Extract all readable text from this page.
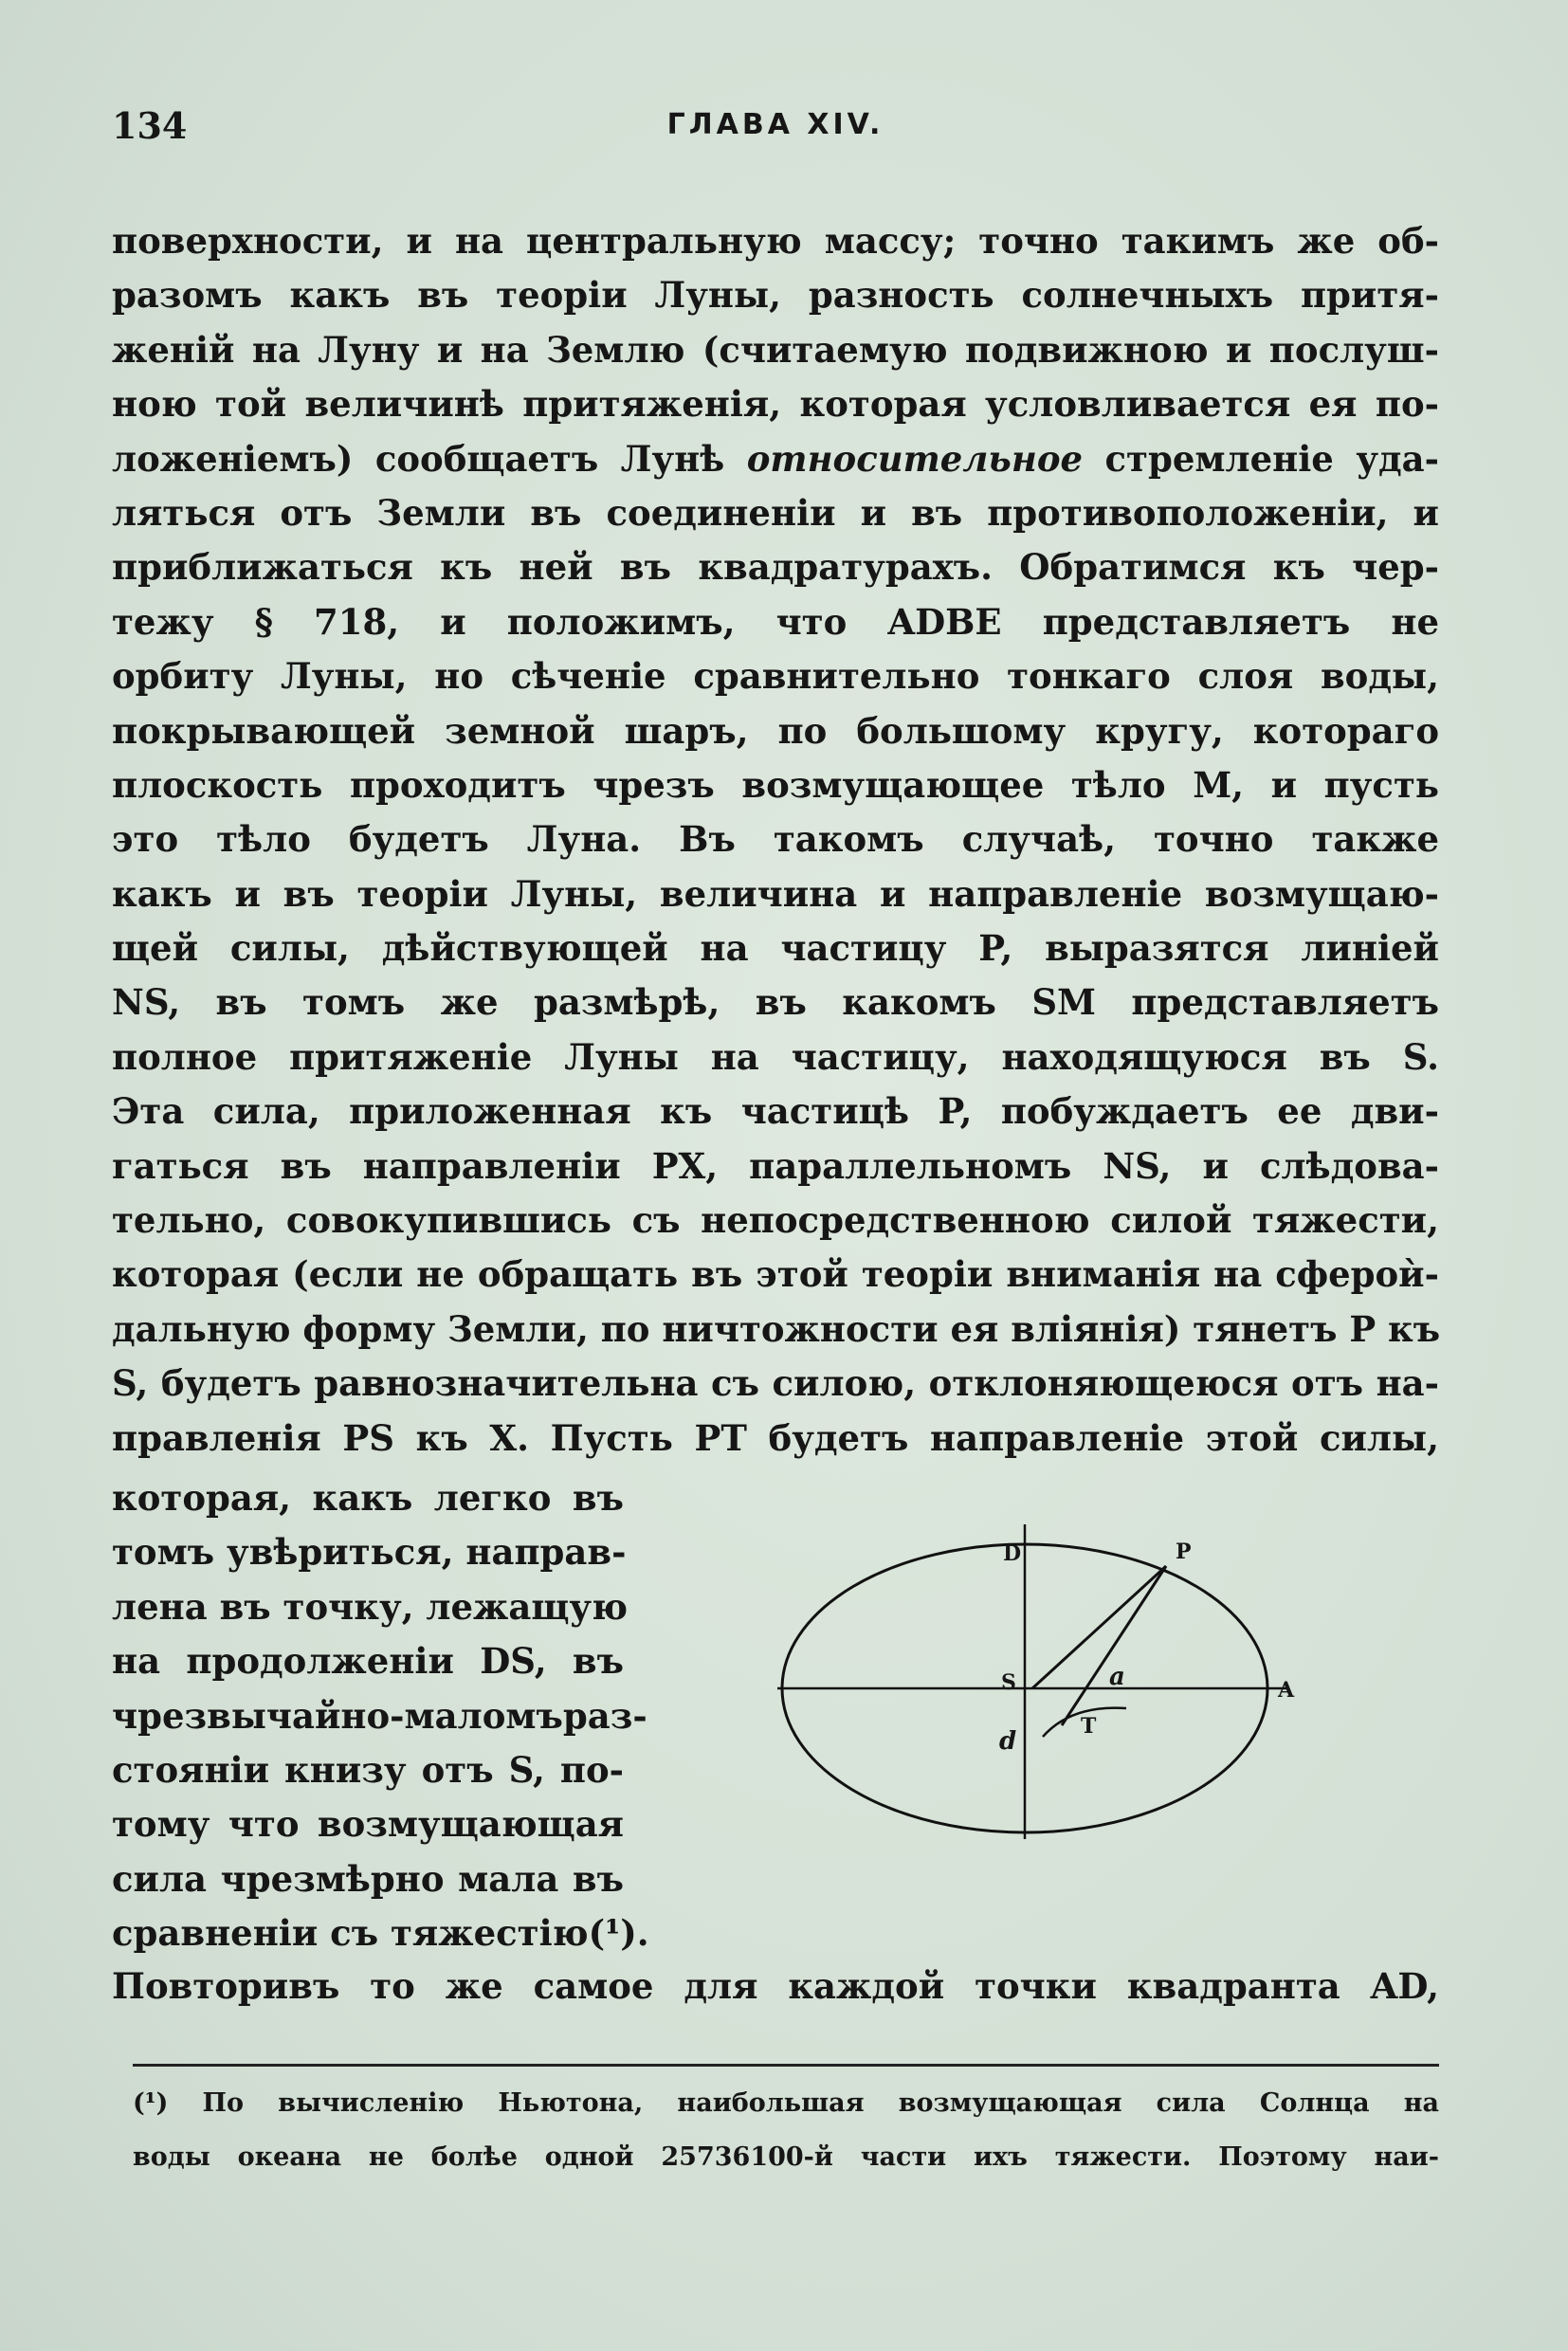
134	ГЛАВА XIV.
поверхности, и на центральную массу; точно такимъ же об-
разомъ какъ въ теоріи Луны, разность солнечныхъ притя-
женій на Луну и на Землю (считаемую подвижною и послуш-
ною той величинѣ притяженія, которая условливается ея по-
ложеніемъ) сообщаетъ Лунѣ относительное стремленіе уда-
ляться отъ Земли въ соединеніи и въ противоположеніи, и
приближаться къ ней въ квадратурахъ. Обратимся къ чер-
тежу § 718, и положимъ, что ADBE представляетъ не
орбиту Луны, но сѣченіе сравнительно тонкаго слоя воды,
покрывающей земной шаръ, по большому кругу, котораго
плоскость проходитъ чрезъ возмущающее тѣло M, и пусть
это тѣло будетъ Луна. Въ такомъ случаѣ, точно также
какъ и въ теоріи Луны, величина и направленіе возмущаю-
щей силы, дѣйствующей на частицу P, выразятся линіей
NS, въ томъ же размѣрѣ, въ какомъ SM представляетъ
полное притяженіе Луны на частицу, находящуюся въ S.
Эта сила, приложенная къ частицѣ P, побуждаетъ ее дви-
гаться въ направленіи PX, параллельномъ NS, и слѣдова-
тельно, совокупившись съ непосредственною силой тяжести,
которая (если не обращать въ этой теоріи вниманія на сфероѝ-
дальную форму Земли, по ничтожности ея вліянія) тянетъ P къ
S, будетъ равнозначительна съ силою, отклоняющеюся отъ на-
правленія PS къ X. Пусть PT будетъ направленіе этой силы,
которая, какъ легко въ
томъ увѣриться, направ-
лена въ точку, лежащую
на продолженіи DS, въ
чрезвычайно-маломъраз-
стояніи книзу отъ S, по-
тому что возмущающая
сила чрезмѣрно мала въ
сравненіи съ тяжестію(¹).
D	P
S	a	A
T
d
Повторивъ то же самое для каждой точки квадранта AD,
(¹) По вычисленію Ньютона, наибольшая возмущающая сила Солнца на
воды океана не болѣе одной 25736100-й части ихъ тяжести. Поэтому наи-
